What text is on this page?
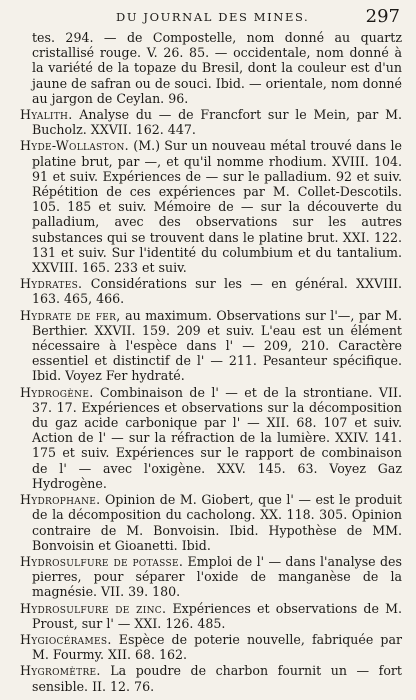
DU JOURNAL DES MINES.	297
tes. 294. — de Compostelle, nom donné au quartz cristallisé rouge. V. 26. 85. — occidentale, nom donné à la variété de la topaze du Bresil, dont la couleur est d'un jaune de safran ou de souci. Ibid. — orientale, nom donné au jargon de Ceylan. 96.
Hyalith. Analyse du — de Francfort sur le Mein, par M. Bucholz. XXVII. 162. 447.
Hyde-Wollaston. (M.) Sur un nouveau métal trouvé dans le platine brut, par —, et qu'il nomme rhodium. XVIII. 104. 91 et suiv. Expériences de — sur le palladium. 92 et suiv. Répétition de ces expériences par M. Collet-Descotils. 105. 185 et suiv. Mémoire de — sur la découverte du palladium, avec des observations sur les autres substances qui se trouvent dans le platine brut. XXI. 122. 131 et suiv. Sur l'identité du columbium et du tantalium. XXVIII. 165. 233 et suiv.
Hydrates. Considérations sur les — en général. XXVIII. 163. 465, 466.
Hydrate de fer, au maximum. Observations sur l'—, par M. Berthier. XXVII. 159. 209 et suiv. L'eau est un élément nécessaire à l'espèce dans l' — 209, 210. Caractère essentiel et distinctif de l' — 211. Pesanteur spécifique. Ibid. Voyez Fer hydraté.
Hydrogène. Combinaison de l' — et de la strontiane. VII. 37. 17. Expériences et observations sur la décomposition du gaz acide carbonique par l' — XII. 68. 107 et suiv. Action de l' — sur la réfraction de la lumière. XXIV. 141. 175 et suiv. Expériences sur le rapport de combinaison de l' — avec l'oxigène. XXV. 145. 63. Voyez Gaz Hydrogène.
Hydrophane. Opinion de M. Giobert, que l' — est le produit de la décomposition du cacholong. XX. 118. 305. Opinion contraire de M. Bonvoisin. Ibid. Hypothèse de MM. Bonvoisin et Gioanetti. Ibid.
Hydrosulfure de potasse. Emploi de l' — dans l'analyse des pierres, pour séparer l'oxide de manganèse de la magnésie. VII. 39. 180.
Hydrosulfure de zinc. Expériences et observations de M. Proust, sur l' — XXI. 126. 485.
Hygiocérames. Espèce de poterie nouvelle, fabriquée par M. Fourmy. XII. 68. 162.
Hygromètre. La poudre de charbon fournit un — fort sensible. II. 12. 76.
